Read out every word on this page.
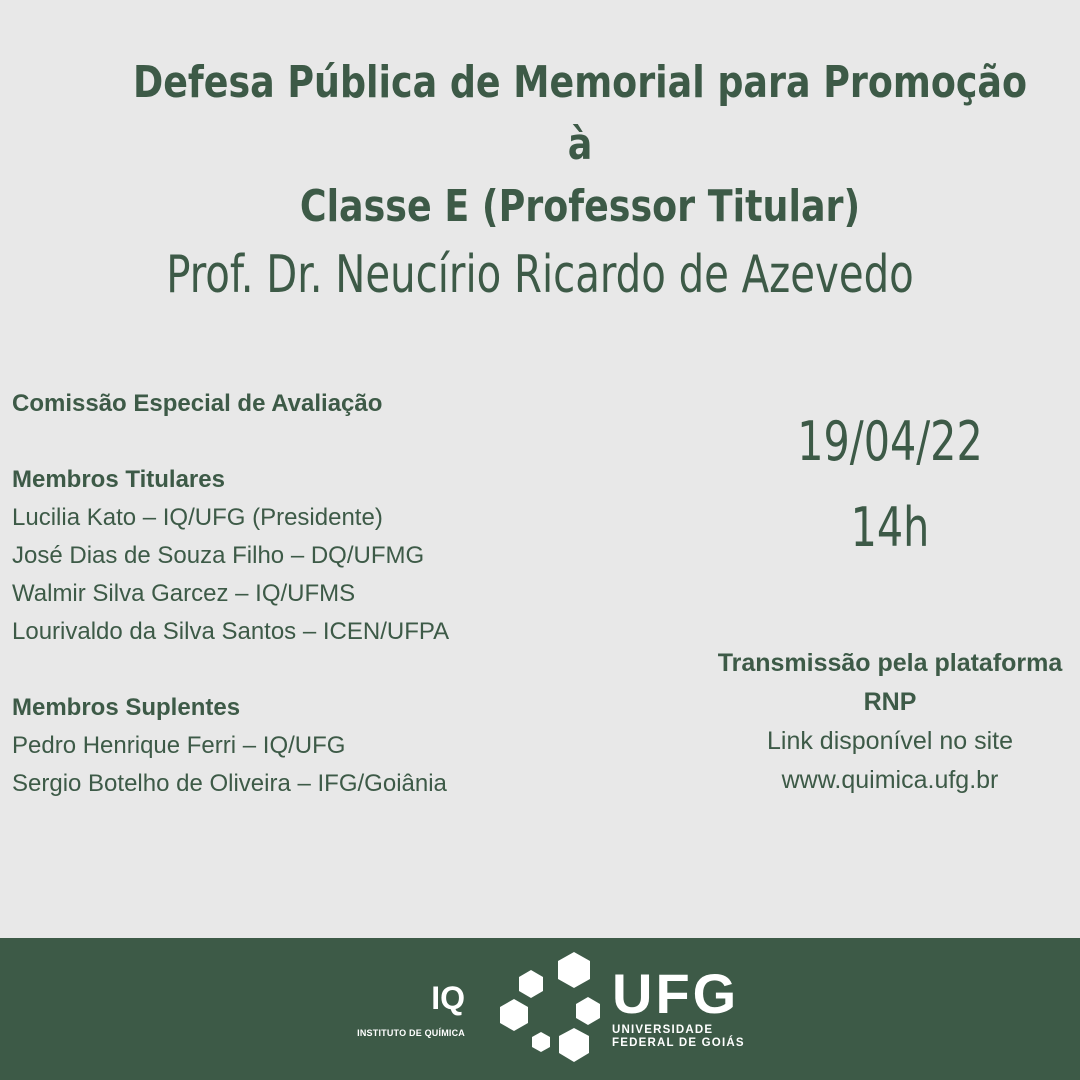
Defesa Pública de Memorial para Promoção à
Classe E (Professor Titular)
Prof. Dr. Neucírio Ricardo de Azevedo
Comissão Especial de Avaliação
Membros Titulares
Lucilia Kato – IQ/UFG (Presidente)
José Dias de Souza Filho – DQ/UFMG
Walmir Silva Garcez – IQ/UFMS
Lourivaldo da Silva Santos – ICEN/UFPA
Membros Suplentes
Pedro Henrique Ferri – IQ/UFG
Sergio Botelho de Oliveira – IFG/Goiânia
19/04/22
14h
Transmissão pela plataforma
RNP
Link disponível no site
www.quimica.ufg.br
IQ
INSTITUTO DE QUÍMICA
UFG
UNIVERSIDADE
FEDERAL DE GOIÁS
